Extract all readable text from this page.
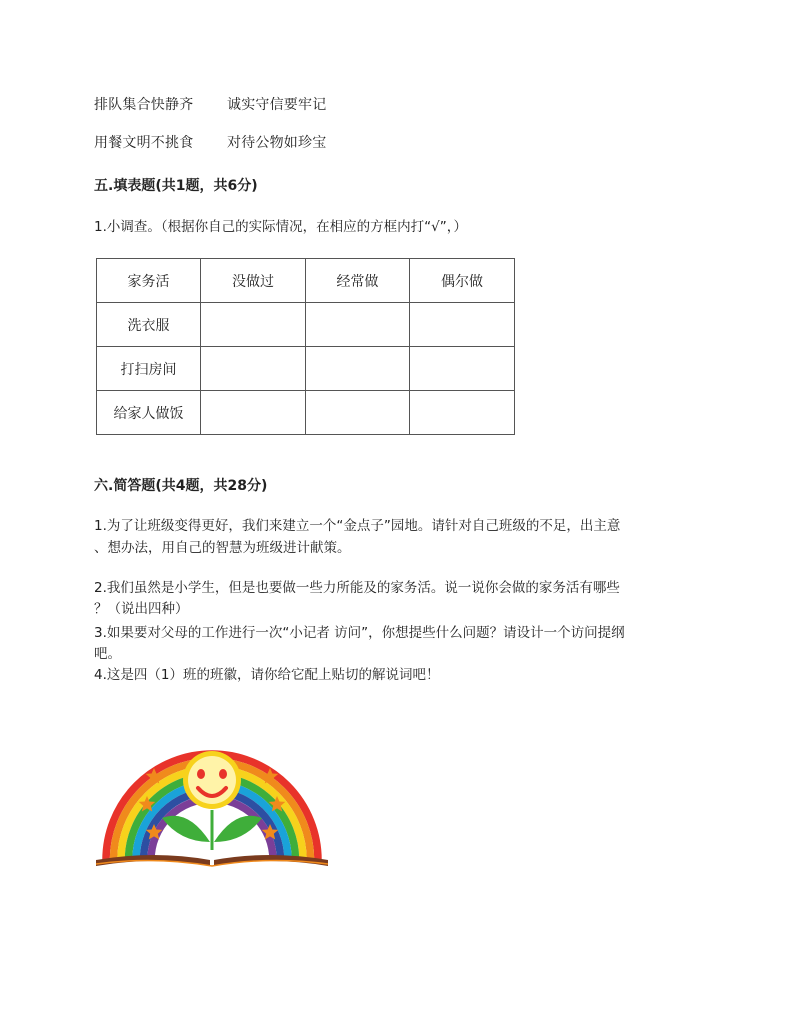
排队集合快静齐 诚实守信要牢记
用餐文明不挑食 对待公物如珍宝
五.填表题(共1题，共6分)
1.小调查。（根据你自己的实际情况，在相应的方框内打“√”，）
家务活	没做过	经常做	偶尔做
洗衣服			
打扫房间			
给家人做饭			
六.简答题(共4题，共28分)
1.为了让班级变得更好，我们来建立一个“金点子”园地。请针对自己班级的不足，出主意
、想办法，用自己的智慧为班级进计献策。
2.我们虽然是小学生，但是也要做一些力所能及的家务活。说一说你会做的家务活有哪些
？（说出四种）
3.如果要对父母的工作进行一次“小记者 访问”，你想提些什么问题？请设计一个访问提纲
吧。
4.这是四（1）班的班徽，请你给它配上贴切的解说词吧！
